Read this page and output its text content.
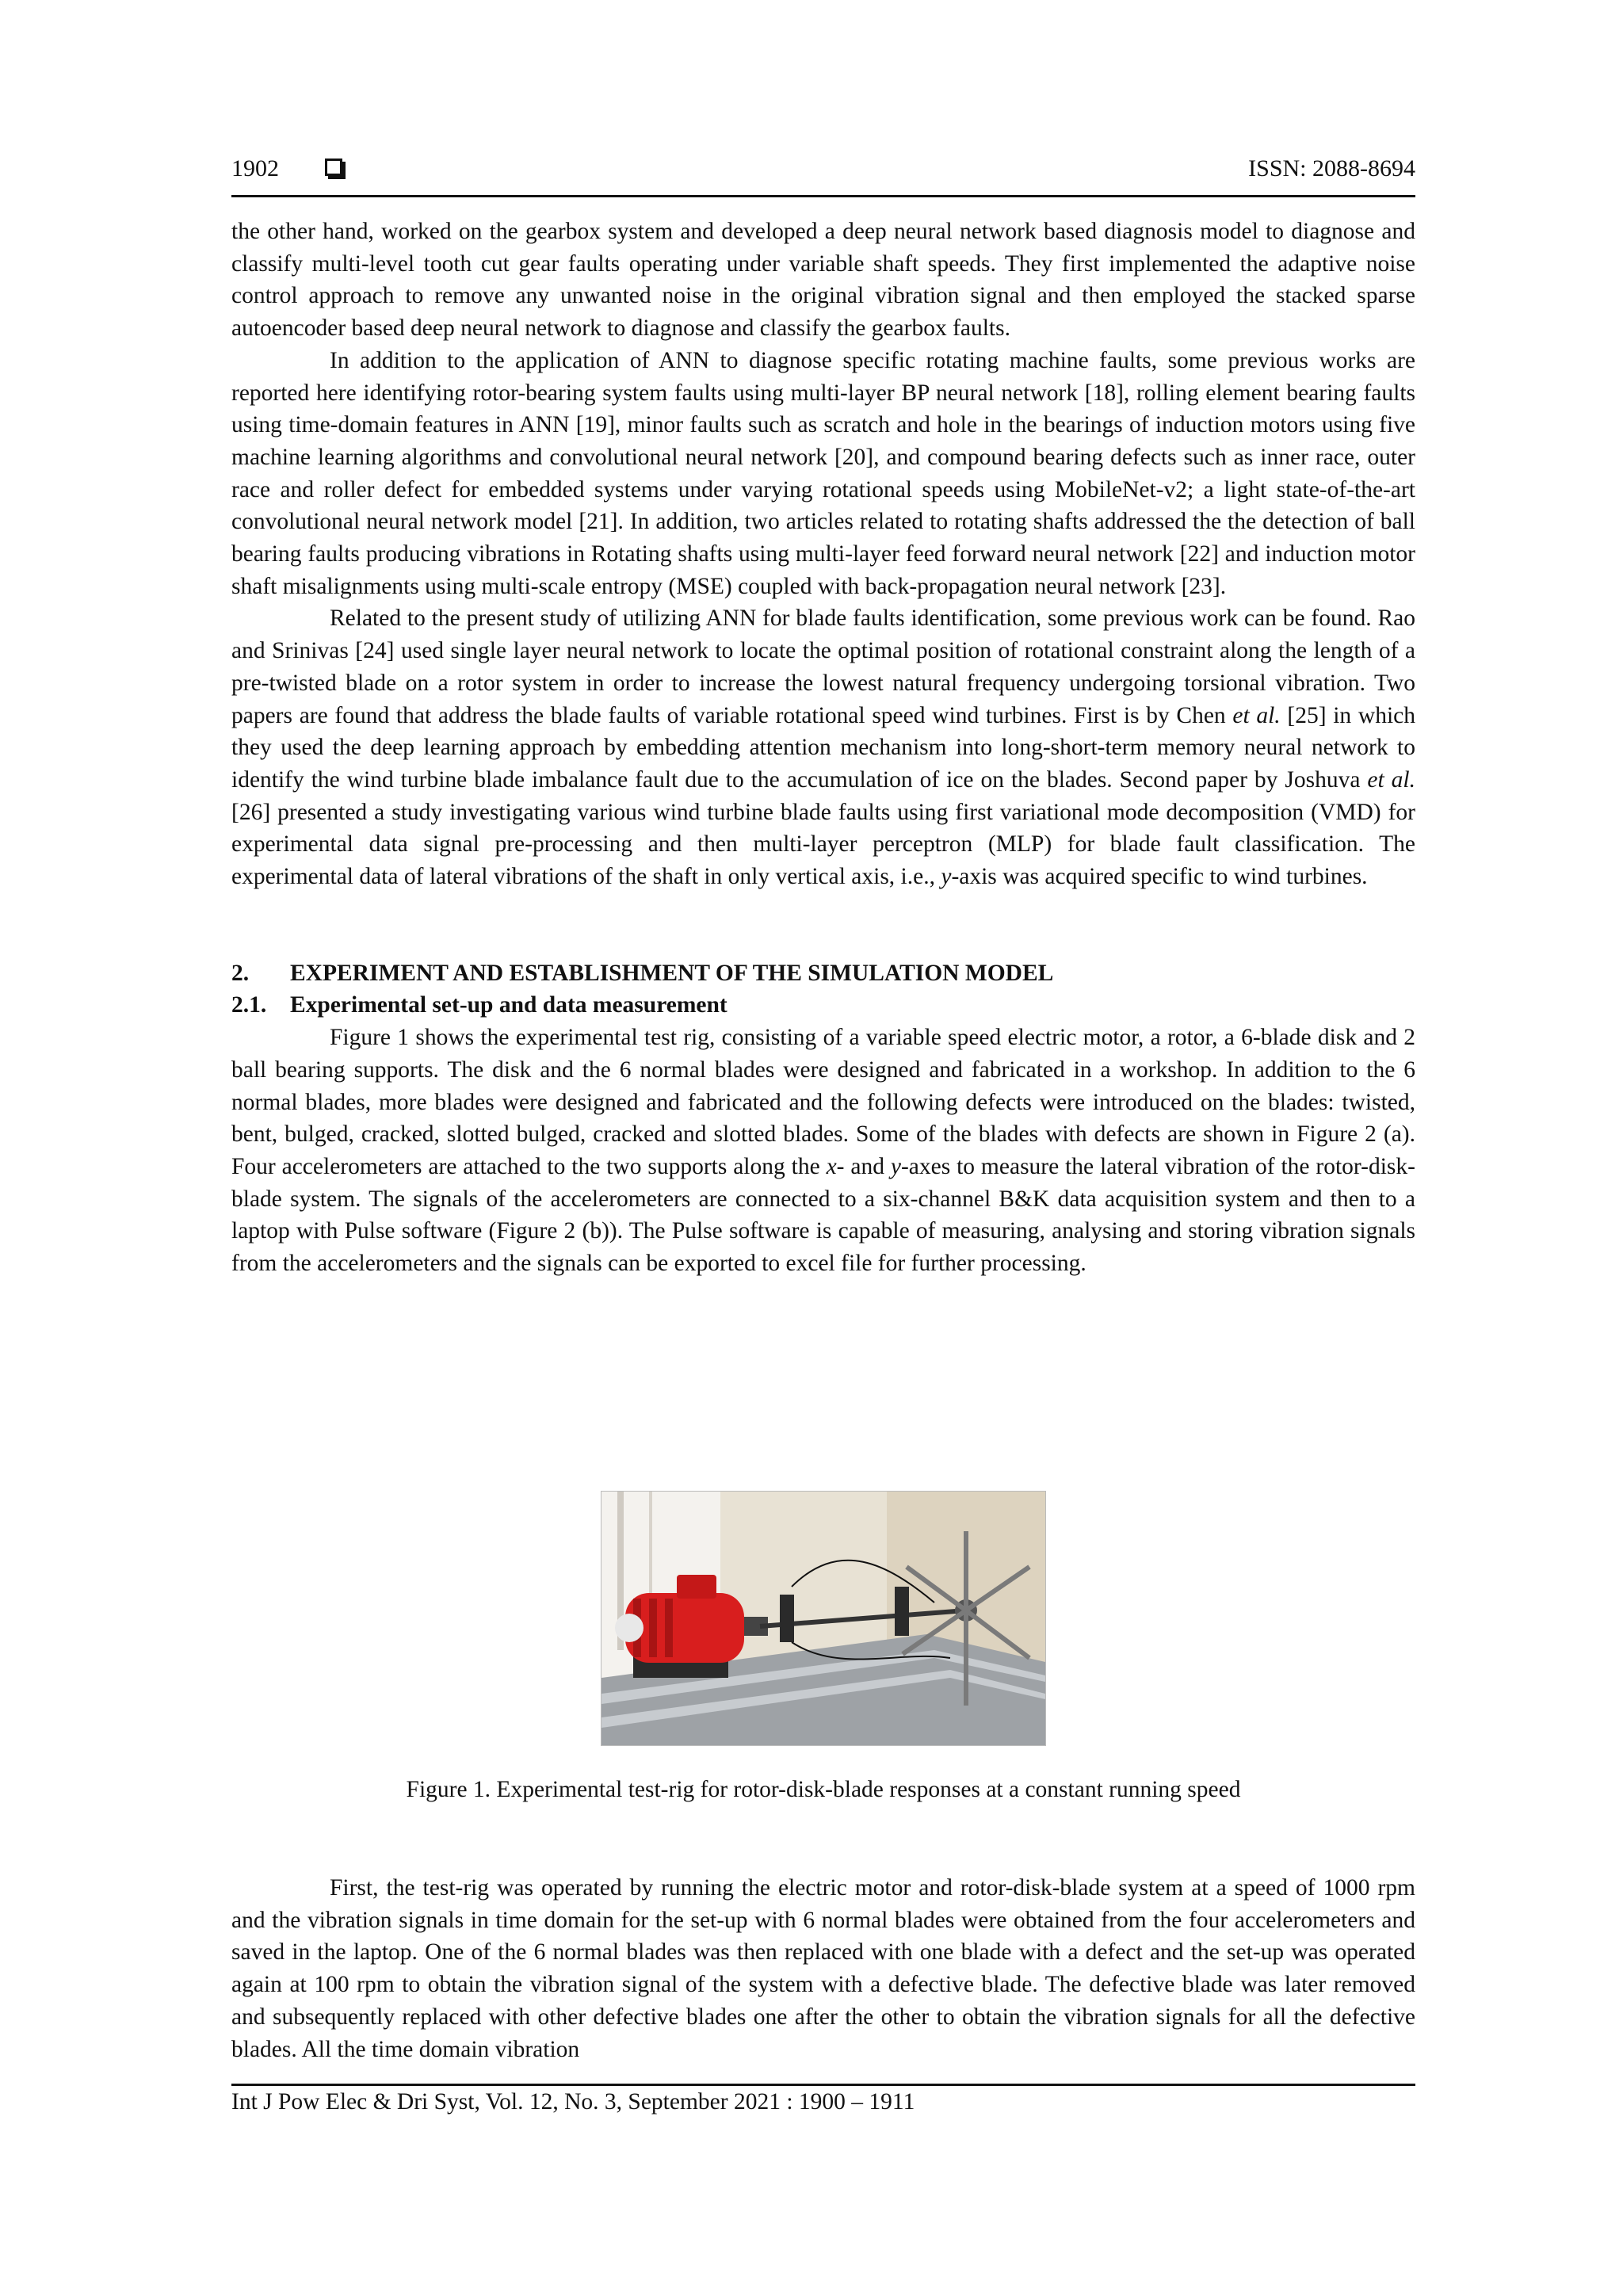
1902	ISSN: 2088-8694

the other hand, worked on the gearbox system and developed a deep neural network based diagnosis model to diagnose and classify multi-level tooth cut gear faults operating under variable shaft speeds. They first implemented the adaptive noise control approach to remove any unwanted noise in the original vibration signal and then employed the stacked sparse autoencoder based deep neural network to diagnose and classify the gearbox faults.

In addition to the application of ANN to diagnose specific rotating machine faults, some previous works are reported here identifying rotor-bearing system faults using multi-layer BP neural network [18], rolling element bearing faults using time-domain features in ANN [19], minor faults such as scratch and hole in the bearings of induction motors using five machine learning algorithms and convolutional neural network [20], and compound bearing defects such as inner race, outer race and roller defect for embedded systems under varying rotational speeds using MobileNet-v2; a light state-of-the-art convolutional neural network model [21]. In addition, two articles related to rotating shafts addressed the the detection of ball bearing faults producing vibrations in Rotating shafts using multi-layer feed forward neural network [22] and induction motor shaft misalignments using multi-scale entropy (MSE) coupled with back-propagation neural network [23].

Related to the present study of utilizing ANN for blade faults identification, some previous work can be found. Rao and Srinivas [24] used single layer neural network to locate the optimal position of rotational constraint along the length of a pre-twisted blade on a rotor system in order to increase the lowest natural frequency undergoing torsional vibration. Two papers are found that address the blade faults of variable rotational speed wind turbines. First is by Chen et al. [25] in which they used the deep learning approach by embedding attention mechanism into long-short-term memory neural network to identify the wind turbine blade imbalance fault due to the accumulation of ice on the blades. Second paper by Joshuva et al. [26] presented a study investigating various wind turbine blade faults using first variational mode decomposition (VMD) for experimental data signal pre-processing and then multi-layer perceptron (MLP) for blade fault classification. The experimental data of lateral vibrations of the shaft in only vertical axis, i.e., y-axis was acquired specific to wind turbines.

2. EXPERIMENT AND ESTABLISHMENT OF THE SIMULATION MODEL
2.1. Experimental set-up and data measurement

Figure 1 shows the experimental test rig, consisting of a variable speed electric motor, a rotor, a 6-blade disk and 2 ball bearing supports. The disk and the 6 normal blades were designed and fabricated in a workshop. In addition to the 6 normal blades, more blades were designed and fabricated and the following defects were introduced on the blades: twisted, bent, bulged, cracked, slotted bulged, cracked and slotted blades. Some of the blades with defects are shown in Figure 2 (a). Four accelerometers are attached to the two supports along the x- and y-axes to measure the lateral vibration of the rotor-disk-blade system. The signals of the accelerometers are connected to a six-channel B&K data acquisition system and then to a laptop with Pulse software (Figure 2 (b)). The Pulse software is capable of measuring, analysing and storing vibration signals from the accelerometers and the signals can be exported to excel file for further processing.

Figure 1. Experimental test-rig for rotor-disk-blade responses at a constant running speed

First, the test-rig was operated by running the electric motor and rotor-disk-blade system at a speed of 1000 rpm and the vibration signals in time domain for the set-up with 6 normal blades were obtained from the four accelerometers and saved in the laptop. One of the 6 normal blades was then replaced with one blade with a defect and the set-up was operated again at 100 rpm to obtain the vibration signal of the system with a defective blade. The defective blade was later removed and subsequently replaced with other defective blades one after the other to obtain the vibration signals for all the defective blades. All the time domain vibration

Int J Pow Elec & Dri Syst, Vol. 12, No. 3, September 2021 : 1900 – 1911
